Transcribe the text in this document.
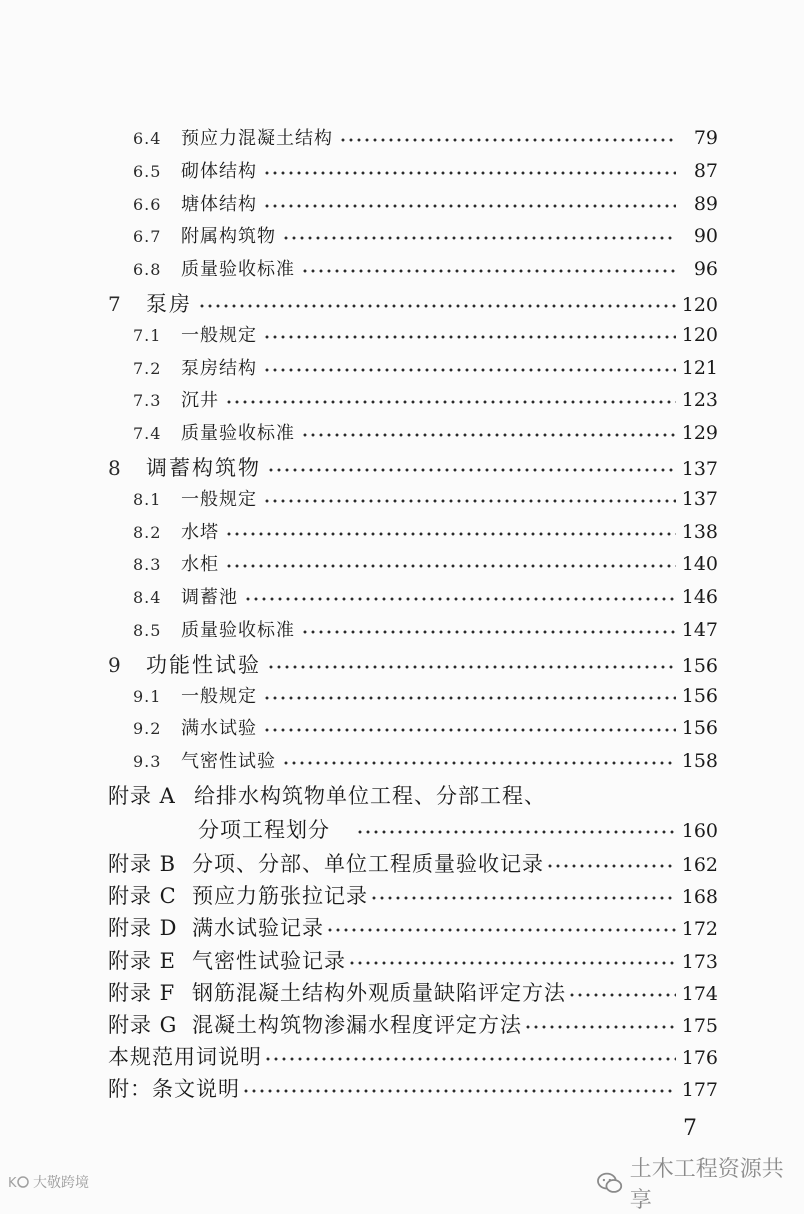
6.4	预应力混凝土结构	79
6.5	砌体结构	87
6.6	塘体结构	89
6.7	附属构筑物	90
6.8	质量验收标准	96
7	泵房	120
7.1	一般规定	120
7.2	泵房结构	121
7.3	沉井	123
7.4	质量验收标准	129
8	调蓄构筑物	137
8.1	一般规定	137
8.2	水塔	138
8.3	水柜	140
8.4	调蓄池	146
8.5	质量验收标准	147
9	功能性试验	156
9.1	一般规定	156
9.2	满水试验	156
9.3	气密性试验	158
附录 A 给排水构筑物单位工程、分部工程、
分项工程划分	160
附录 B 分项、分部、单位工程质量验收记录	162
附录 C 预应力筋张拉记录	168
附录 D 满水试验记录	172
附录 E 气密性试验记录	173
附录 F 钢筋混凝土结构外观质量缺陷评定方法	174
附录 G 混凝土构筑物渗漏水程度评定方法	175
本规范用词说明	176
附：条文说明	177
7
K 大敬跨境
土木工程资源共享
